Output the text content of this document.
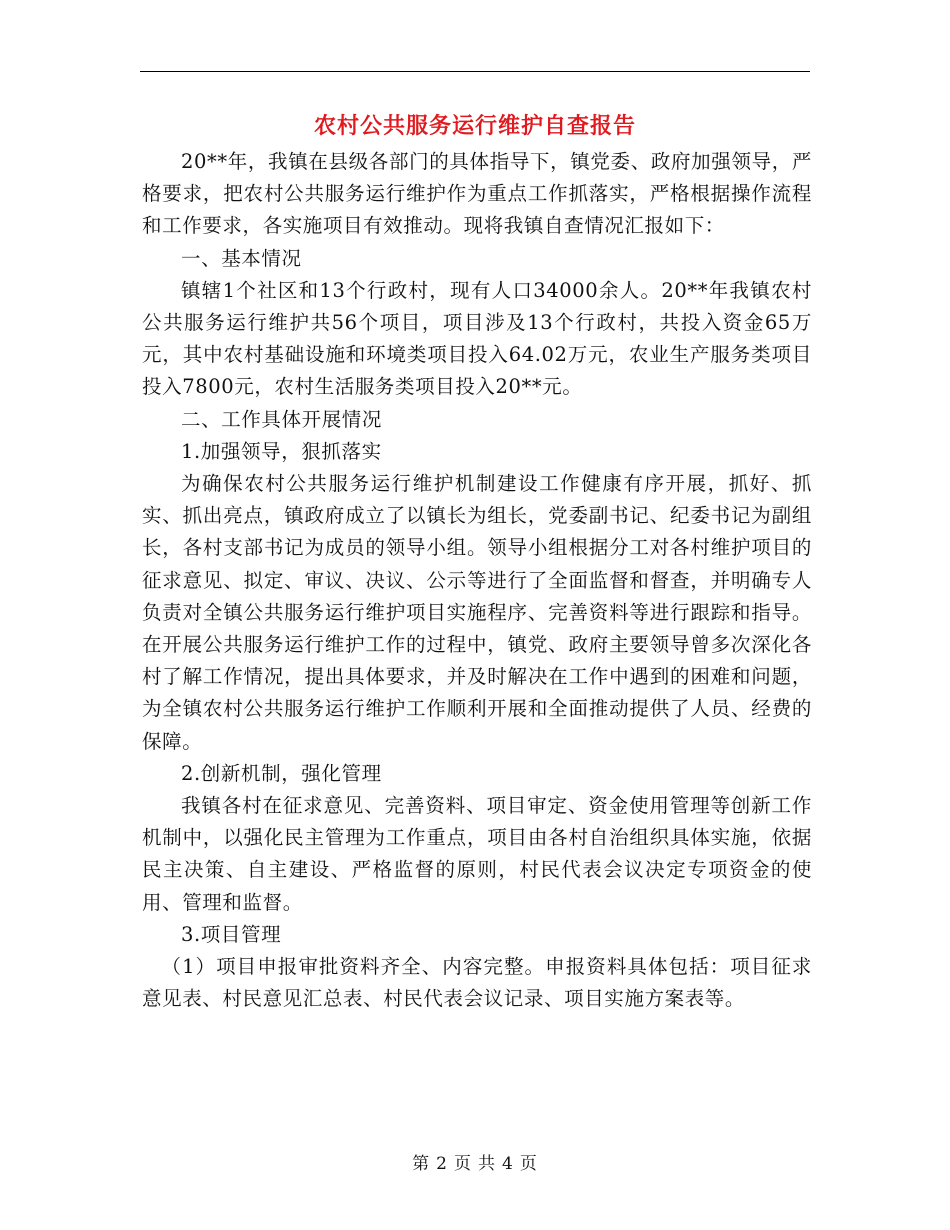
农村公共服务运行维护自查报告

20**年，我镇在县级各部门的具体指导下，镇党委、政府加强领导，严格要求，把农村公共服务运行维护作为重点工作抓落实，严格根据操作流程和工作要求，各实施项目有效推动。现将我镇自查情况汇报如下：

一、基本情况

镇辖1个社区和13个行政村，现有人口34000余人。20**年我镇农村公共服务运行维护共56个项目，项目涉及13个行政村，共投入资金65万元，其中农村基础设施和环境类项目投入64.02万元，农业生产服务类项目投入7800元，农村生活服务类项目投入20**元。

二、工作具体开展情况

1.加强领导，狠抓落实

为确保农村公共服务运行维护机制建设工作健康有序开展，抓好、抓实、抓出亮点，镇政府成立了以镇长为组长，党委副书记、纪委书记为副组长，各村支部书记为成员的领导小组。领导小组根据分工对各村维护项目的征求意见、拟定、审议、决议、公示等进行了全面监督和督查，并明确专人负责对全镇公共服务运行维护项目实施程序、完善资料等进行跟踪和指导。在开展公共服务运行维护工作的过程中，镇党、政府主要领导曾多次深化各村了解工作情况，提出具体要求，并及时解决在工作中遇到的困难和问题，为全镇农村公共服务运行维护工作顺利开展和全面推动提供了人员、经费的保障。

2.创新机制，强化管理

我镇各村在征求意见、完善资料、项目审定、资金使用管理等创新工作机制中，以强化民主管理为工作重点，项目由各村自治组织具体实施，依据民主决策、自主建设、严格监督的原则，村民代表会议决定专项资金的使用、管理和监督。

3.项目管理

（1）项目申报审批资料齐全、内容完整。申报资料具体包括：项目征求意见表、村民意见汇总表、村民代表会议记录、项目实施方案表等。

第 2 页 共 4 页
